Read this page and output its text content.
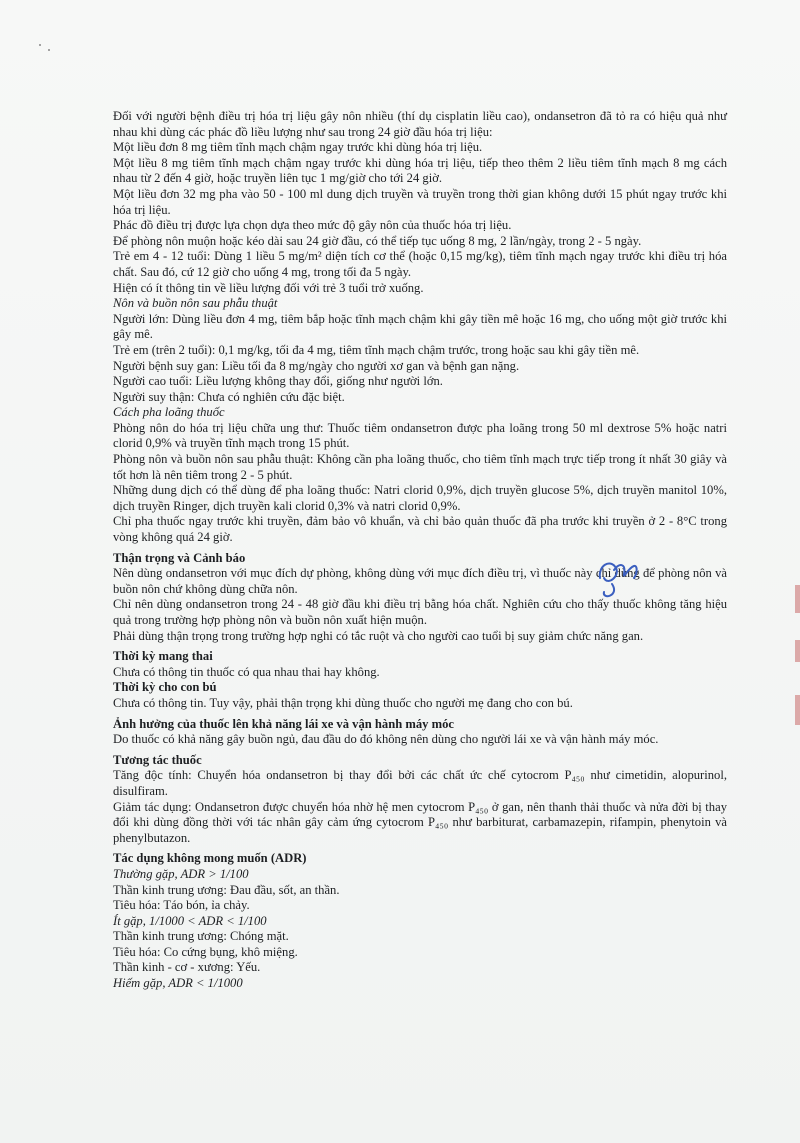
Đối với người bệnh điều trị hóa trị liệu gây nôn nhiều (thí dụ cisplatin liều cao), ondansetron đã tỏ ra có hiệu quả như nhau khi dùng các phác đồ liều lượng như sau trong 24 giờ đầu hóa trị liệu:

Một liều đơn 8 mg tiêm tĩnh mạch chậm ngay trước khi dùng hóa trị liệu.

Một liều 8 mg tiêm tĩnh mạch chậm ngay trước khi dùng hóa trị liệu, tiếp theo thêm 2 liều tiêm tĩnh mạch 8 mg cách nhau từ 2 đến 4 giờ, hoặc truyền liên tục 1 mg/giờ cho tới 24 giờ.

Một liều đơn 32 mg pha vào 50 - 100 ml dung dịch truyền và truyền trong thời gian không dưới 15 phút ngay trước khi hóa trị liệu.

Phác đồ điều trị được lựa chọn dựa theo mức độ gây nôn của thuốc hóa trị liệu.

Để phòng nôn muộn hoặc kéo dài sau 24 giờ đầu, có thể tiếp tục uống 8 mg, 2 lần/ngày, trong 2 - 5 ngày.

Trẻ em 4 - 12 tuổi: Dùng 1 liều 5 mg/m² diện tích cơ thể (hoặc 0,15 mg/kg), tiêm tĩnh mạch ngay trước khi điều trị hóa chất. Sau đó, cứ 12 giờ cho uống 4 mg, trong tối đa 5 ngày.

Hiện có ít thông tin về liều lượng đối với trẻ 3 tuổi trở xuống.

Nôn và buồn nôn sau phẫu thuật

Người lớn: Dùng liều đơn 4 mg, tiêm bắp hoặc tĩnh mạch chậm khi gây tiền mê hoặc 16 mg, cho uống một giờ trước khi gây mê.

Trẻ em (trên 2 tuổi): 0,1 mg/kg, tối đa 4 mg, tiêm tĩnh mạch chậm trước, trong hoặc sau khi gây tiền mê.

Người bệnh suy gan: Liều tối đa 8 mg/ngày cho người xơ gan và bệnh gan nặng.

Người cao tuổi: Liều lượng không thay đổi, giống như người lớn.

Người suy thận: Chưa có nghiên cứu đặc biệt.

Cách pha loãng thuốc

Phòng nôn do hóa trị liệu chữa ung thư: Thuốc tiêm ondansetron được pha loãng trong 50 ml dextrose 5% hoặc natri clorid 0,9% và truyền tĩnh mạch trong 15 phút.

Phòng nôn và buồn nôn sau phẫu thuật: Không cần pha loãng thuốc, cho tiêm tĩnh mạch trực tiếp trong ít nhất 30 giây và tốt hơn là nên tiêm trong 2 - 5 phút.

Những dung dịch có thể dùng để pha loãng thuốc: Natri clorid 0,9%, dịch truyền glucose 5%, dịch truyền manitol 10%, dịch truyền Ringer, dịch truyền kali clorid 0,3% và natri clorid 0,9%.

Chỉ pha thuốc ngay trước khi truyền, đảm bảo vô khuẩn, và chỉ bảo quản thuốc đã pha trước khi truyền ở 2 - 8°C trong vòng không quá 24 giờ.

Thận trọng và Cảnh báo

Nên dùng ondansetron với mục đích dự phòng, không dùng với mục đích điều trị, vì thuốc này chỉ dùng để phòng nôn và buồn nôn chứ không dùng chữa nôn.

Chỉ nên dùng ondansetron trong 24 - 48 giờ đầu khi điều trị bằng hóa chất. Nghiên cứu cho thấy thuốc không tăng hiệu quả trong trường hợp phòng nôn và buồn nôn xuất hiện muộn.

Phải dùng thận trọng trong trường hợp nghi có tắc ruột và cho người cao tuổi bị suy giảm chức năng gan.

Thời kỳ mang thai

Chưa có thông tin thuốc có qua nhau thai hay không.

Thời kỳ cho con bú

Chưa có thông tin. Tuy vậy, phải thận trọng khi dùng thuốc cho người mẹ đang cho con bú.

Ảnh hưởng của thuốc lên khả năng lái xe và vận hành máy móc

Do thuốc có khả năng gây buồn ngủ, đau đầu do đó không nên dùng cho người lái xe và vận hành máy móc.

Tương tác thuốc

Tăng độc tính: Chuyển hóa ondansetron bị thay đổi bởi các chất ức chế cytocrom P₄₅₀ như cimetidin, alopurinol, disulfiram.

Giảm tác dụng: Ondansetron được chuyển hóa nhờ hệ men cytocrom P₄₅₀ ở gan, nên thanh thải thuốc và nửa đời bị thay đổi khi dùng đồng thời với tác nhân gây cảm ứng cytocrom P₄₅₀ như barbiturat, carbamazepin, rifampin, phenytoin và phenylbutazon.

Tác dụng không mong muốn (ADR)

Thường gặp, ADR > 1/100

Thần kinh trung ương: Đau đầu, sốt, an thần.

Tiêu hóa: Táo bón, ỉa chảy.

Ít gặp, 1/1000 < ADR < 1/100

Thần kinh trung ương: Chóng mặt.

Tiêu hóa: Co cứng bụng, khô miệng.

Thần kinh - cơ - xương: Yếu.

Hiếm gặp, ADR < 1/1000
